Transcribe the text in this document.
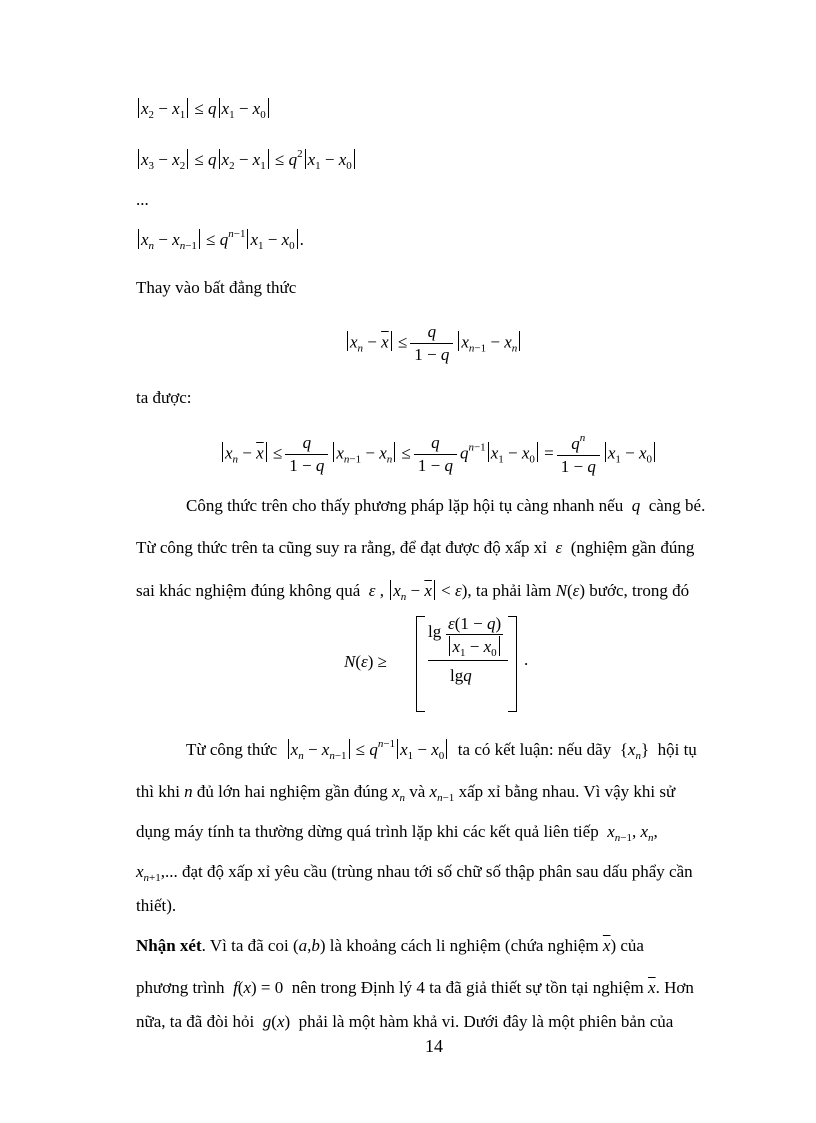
$x_2 - x_1 \le q$ $x_1 - x_0$
$x_3 - x_2 \le q$ $x_2 - x_1 \le q^2$ $x_1 - x_0$
...
$x_n - x_{n-1} \le q^{n-1}$ $x_1 - x_0$ .
Thay vào bất đẳng thức
$x_n - \overline{x} \le \frac{q}{1 - q} x_{n-1} - x_n$
ta được:
$x_n - \overline{x} \le \frac{q}{1 - q} x_{n-1} - x_n \le \frac{q}{1 - q} q^{n-1}$ $x_1 - x_0 = \frac{q^n}{1 - q} x_1 - x_0$
Công thức trên cho thấy phương pháp lặp hội tụ càng nhanh nếu q càng bé.
Từ công thức trên ta cũng suy ra rằng, để đạt được độ xấp xỉ ε (nghiệm gần đúng
sai khác nghiệm đúng không quá ε , $x_n - \overline{x} < \varepsilon$), ta phải làm N(ε) bước, trong đó
N(ε) ≥
lg ε(1 − q)
$x_1 - x_0$
lgq
.
Từ công thức $x_n - x_{n-1} \le q^{n-1}$ $x_1 - x_0$ ta có kết luận: nếu dãy  $\{x_n\}$  hội tụ
thì khi n đủ lớn hai nghiệm gần đúng $x_n$ và $x_{n-1}$ xấp xỉ bằng nhau. Vì vậy khi sử
dụng máy tính ta thường dừng quá trình lặp khi các kết quả liên tiếp $x_{n-1}$, $x_n$,
$x_{n+1}$,... đạt độ xấp xỉ yêu cầu (trùng nhau tới số chữ số thập phân sau dấu phẩy cần
thiết).
Nhận xét. Vì ta đã coi (a,b) là khoảng cách li nghiệm (chứa nghiệm $\overline{x}$) của
phương trình f(x) = 0  nên trong Định lý 4 ta đã giả thiết sự tồn tại nghiệm $\overline{x}$. Hơn
nữa, ta đã đòi hỏi g(x)  phải là một hàm khả vi. Dưới đây là một phiên bản của
14
